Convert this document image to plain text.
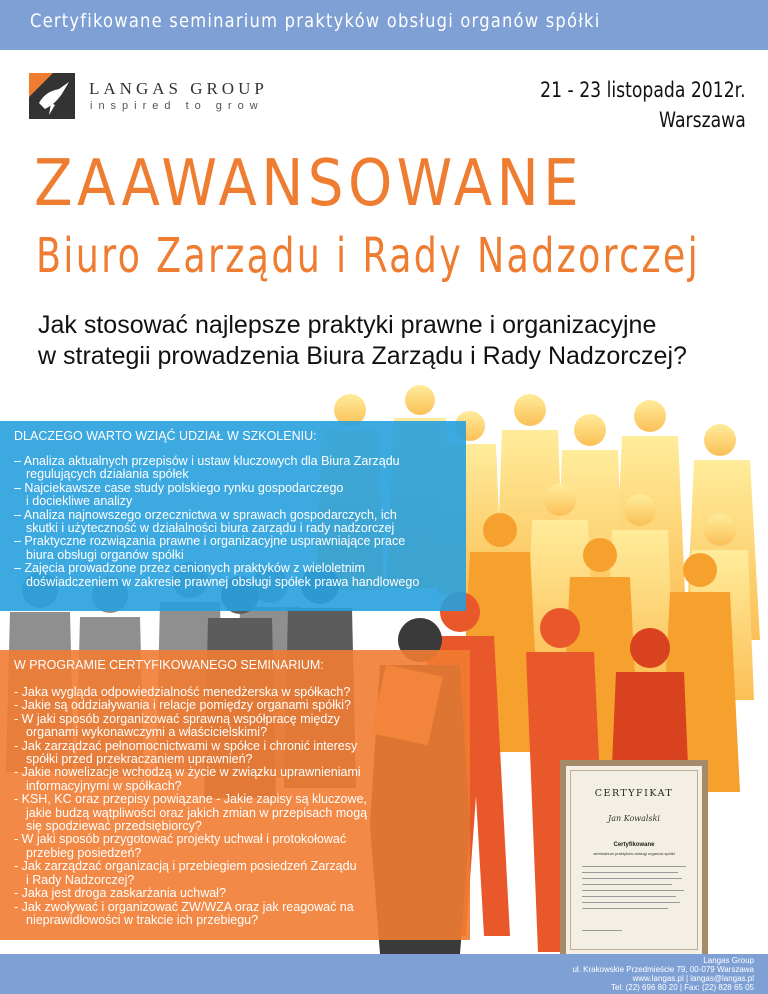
Certyfikowane seminarium praktyków obsługi organów spółki
LANGAS GROUP
inspired to grow
21 - 23 listopada 2012r.
Warszawa
ZAAWANSOWANE
Biuro Zarządu i Rady Nadzorczej
Jak stosować najlepsze praktyki prawne i organizacyjne
w strategii prowadzenia Biura Zarządu i Rady Nadzorczej?
DLACZEGO WARTO WZIĄĆ UDZIAŁ W SZKOLENIU:
– Analiza aktualnych przepisów i ustaw kluczowych dla Biura Zarządu
regulujących działania spółek
– Najciekawsze case study polskiego rynku gospodarczego
i dociekliwe analizy
– Analiza najnowszego orzecznictwa w sprawach gospodarczych, ich
skutki i użyteczność w działalności biura zarządu i rady nadzorczej
– Praktyczne rozwiązania prawne i organizacyjne usprawniające prace
biura obsługi organów spółki
– Zajęcia prowadzone przez cenionych praktyków z wieloletnim
doświadczeniem w zakresie prawnej obsługi spółek prawa handlowego
W PROGRAMIE CERTYFIKOWANEGO SEMINARIUM:
- Jaka wygląda odpowiedzialność menedżerska w spółkach?
- Jakie są oddziaływania i relacje pomiędzy organami spółki?
- W jaki sposób zorganizować sprawną współpracę między
organami wykonawczymi a właścicielskimi?
- Jak zarządzać pełnomocnictwami w spółce i chronić interesy
spółki przed przekraczaniem uprawnień?
- Jakie nowelizacje wchodzą w życie w związku uprawnieniami
informacyjnymi w spółkach?
- KSH, KC oraz przepisy powiązane - Jakie zapisy są kluczowe,
jakie budzą wątpliwości oraz jakich zmian w przepisach mogą
się spodziewać przedsiębiorcy?
- W jaki sposób przygotować projekty uchwał i protokołować
przebieg posiedzeń?
- Jak zarządzać organizacją i przebiegiem posiedzeń Zarządu
i Rady Nadzorczej?
- Jaka jest droga zaskarżania uchwał?
- Jak zwoływać i organizować ZW/WZA oraz jak reagować na
nieprawidłowości w trakcie ich przebiegu?
CERTYFIKAT
Jan Kowalski
Certyfikowane
seminarium praktyków obsługi organów spółki
Langas Group
ul. Krakowskie Przedmieście 79, 00-079 Warszawa
www.langas.pl | langas@langas.pl
Tel: (22) 696 80 20 | Fax: (22) 828 65 05
